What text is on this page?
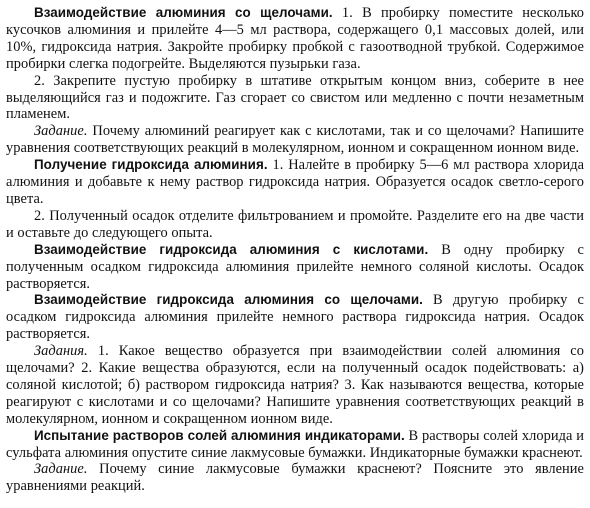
Взаимодействие алюминия со щелочами. 1. В пробирку поместите несколько кусочков алюминия и прилейте 4—5 мл раствора, содержащего 0,1 массовых долей, или 10%, гидроксида натрия. Закройте пробирку пробкой с газоотводной трубкой. Содержимое пробирки слегка подогрейте. Выделяются пузырьки газа.

2. Закрепите пустую пробирку в штативе открытым концом вниз, соберите в нее выделяющийся газ и подожгите. Газ сгорает со свистом или медленно с почти незаметным пламенем.

Задание. Почему алюминий реагирует как с кислотами, так и со щелочами? Напишите уравнения соответствующих реакций в молекулярном, ионном и сокращенном ионном виде.

Получение гидроксида алюминия. 1. Налейте в пробирку 5—6 мл раствора хлорида алюминия и добавьте к нему раствор гидроксида натрия. Образуется осадок светло-серого цвета.

2. Полученный осадок отделите фильтрованием и промойте. Разделите его на две части и оставьте до следующего опыта.

Взаимодействие гидроксида алюминия с кислотами. В одну пробирку с полученным осадком гидроксида алюминия прилейте немного соляной кислоты. Осадок растворяется.

Взаимодействие гидроксида алюминия со щелочами. В другую пробирку с осадком гидроксида алюминия прилейте немного раствора гидроксида натрия. Осадок растворяется.

Задания. 1. Какое вещество образуется при взаимодействии солей алюминия со щелочами? 2. Какие вещества образуются, если на полученный осадок подействовать: а) соляной кислотой; б) раствором гидроксида натрия? 3. Как называются вещества, которые реагируют с кислотами и со щелочами? Напишите уравнения соответствующих реакций в молекулярном, ионном и сокращенном ионном виде.

Испытание растворов солей алюминия индикаторами. В растворы солей хлорида и сульфата алюминия опустите синие лакмусовые бумажки. Индикаторные бумажки краснеют.

Задание. Почему синие лакмусовые бумажки краснеют? Поясните это явление уравнениями реакций.
